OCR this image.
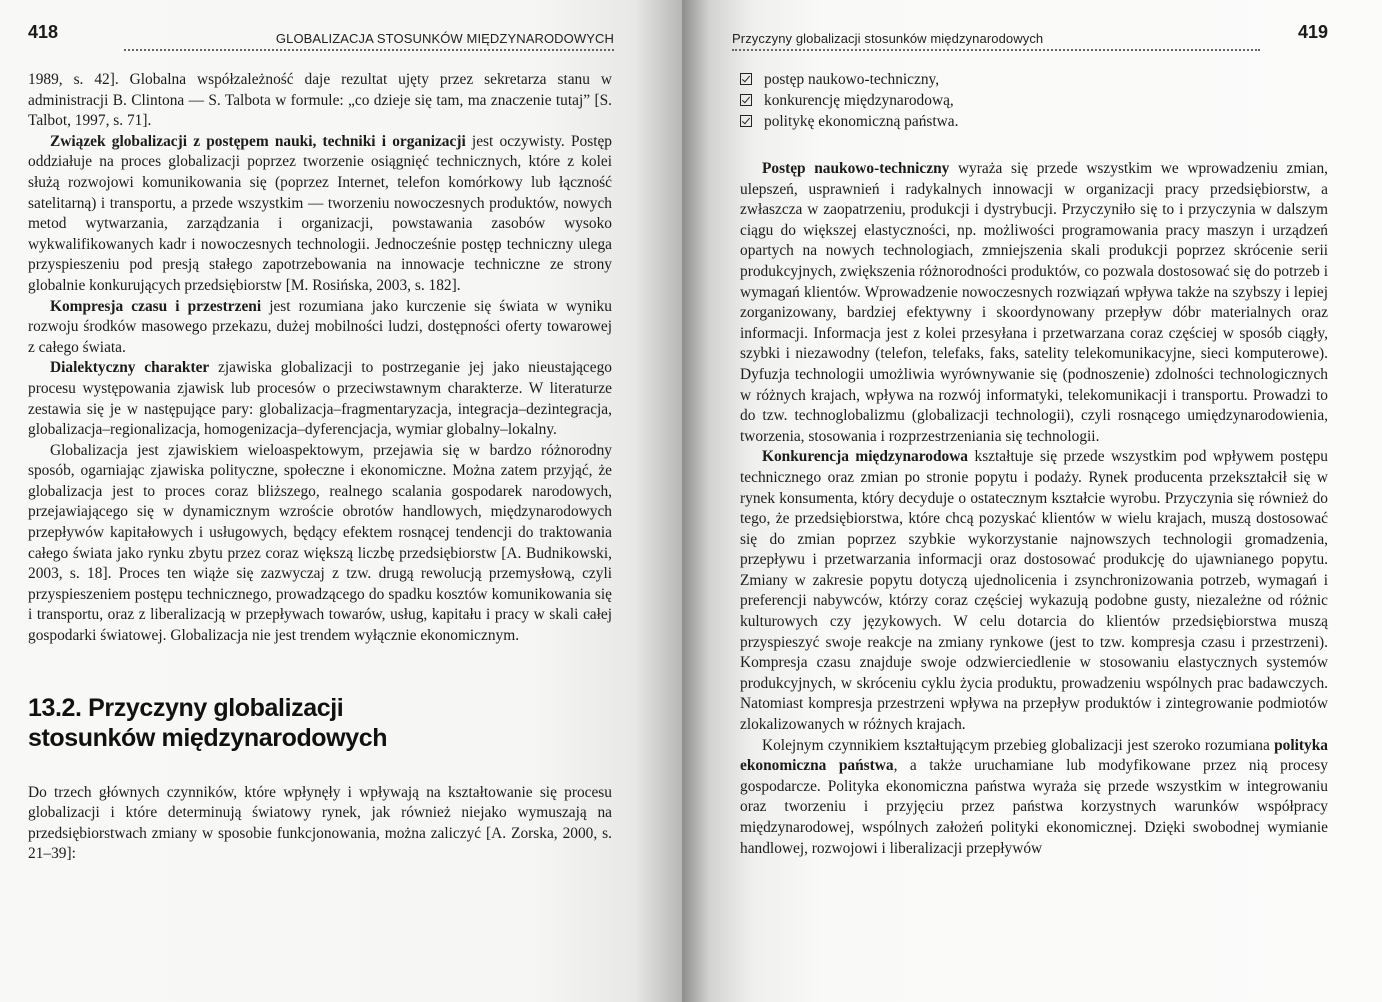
418	GLOBALIZACJA STOSUNKÓW MIĘDZYNARODOWYCH

1989, s. 42]. Globalna współzależność daje rezultat ujęty przez sekretarza stanu w administracji B. Clintona — S. Talbota w formule: „co dzieje się tam, ma znaczenie tutaj” [S. Talbot, 1997, s. 71].

Związek globalizacji z postępem nauki, techniki i organizacji jest oczywisty. Postęp oddziałuje na proces globalizacji poprzez tworzenie osiągnięć technicznych, które z kolei służą rozwojowi komunikowania się (poprzez Internet, telefon komórkowy lub łączność satelitarną) i transportu, a przede wszystkim — tworzeniu nowoczesnych produktów, nowych metod wytwarzania, zarządzania i organizacji, powstawania zasobów wysoko wykwalifikowanych kadr i nowoczesnych technologii. Jednocześnie postęp techniczny ulega przyspieszeniu pod presją stałego zapotrzebowania na innowacje techniczne ze strony globalnie konkurujących przedsiębiorstw [M. Rosińska, 2003, s. 182].

Kompresja czasu i przestrzeni jest rozumiana jako kurczenie się świata w wyniku rozwoju środków masowego przekazu, dużej mobilności ludzi, dostępności oferty towarowej z całego świata.

Dialektyczny charakter zjawiska globalizacji to postrzeganie jej jako nieustającego procesu występowania zjawisk lub procesów o przeciwstawnym charakterze. W literaturze zestawia się je w następujące pary: globalizacja–fragmentaryzacja, integracja–dezintegracja, globalizacja–regionalizacja, homogenizacja–dyferencjacja, wymiar globalny–lokalny.

Globalizacja jest zjawiskiem wieloaspektowym, przejawia się w bardzo różnorodny sposób, ogarniając zjawiska polityczne, społeczne i ekonomiczne. Można zatem przyjąć, że globalizacja jest to proces coraz bliższego, realnego scalania gospodarek narodowych, przejawiającego się w dynamicznym wzroście obrotów handlowych, międzynarodowych przepływów kapitałowych i usługowych, będący efektem rosnącej tendencji do traktowania całego świata jako rynku zbytu przez coraz większą liczbę przedsiębiorstw [A. Budnikowski, 2003, s. 18]. Proces ten wiąże się zazwyczaj z tzw. drugą rewolucją przemysłową, czyli przyspieszeniem postępu technicznego, prowadzącego do spadku kosztów komunikowania się i transportu, oraz z liberalizacją w przepływach towarów, usług, kapitału i pracy w skali całej gospodarki światowej. Globalizacja nie jest trendem wyłącznie ekonomicznym.

13.2. Przyczyny globalizacji
stosunków międzynarodowych

Do trzech głównych czynników, które wpłynęły i wpływają na kształtowanie się procesu globalizacji i które determinują światowy rynek, jak również niejako wymuszają na przedsiębiorstwach zmiany w sposobie funkcjonowania, można zaliczyć [A. Zorska, 2000, s. 21–39]:

Przyczyny globalizacji stosunków międzynarodowych	419
postęp naukowo-techniczny,
konkurencję międzynarodową,
politykę ekonomiczną państwa.

Postęp naukowo-techniczny wyraża się przede wszystkim we wprowadzeniu zmian, ulepszeń, usprawnień i radykalnych innowacji w organizacji pracy przedsiębiorstw, a zwłaszcza w zaopatrzeniu, produkcji i dystrybucji. Przyczyniło się to i przyczynia w dalszym ciągu do większej elastyczności, np. możliwości programowania pracy maszyn i urządzeń opartych na nowych technologiach, zmniejszenia skali produkcji poprzez skrócenie serii produkcyjnych, zwiększenia różnorodności produktów, co pozwala dostosować się do potrzeb i wymagań klientów. Wprowadzenie nowoczesnych rozwiązań wpływa także na szybszy i lepiej zorganizowany, bardziej efektywny i skoordynowany przepływ dóbr materialnych oraz informacji. Informacja jest z kolei przesyłana i przetwarzana coraz częściej w sposób ciągły, szybki i niezawodny (telefon, telefaks, faks, satelity telekomunikacyjne, sieci komputerowe). Dyfuzja technologii umożliwia wyrównywanie się (podnoszenie) zdolności technologicznych w różnych krajach, wpływa na rozwój informatyki, telekomunikacji i transportu. Prowadzi to do tzw. technoglobalizmu (globalizacji technologii), czyli rosnącego umiędzynarodowienia, tworzenia, stosowania i rozprzestrzeniania się technologii.

Konkurencja międzynarodowa kształtuje się przede wszystkim pod wpływem postępu technicznego oraz zmian po stronie popytu i podaży. Rynek producenta przekształcił się w rynek konsumenta, który decyduje o ostatecznym kształcie wyrobu. Przyczynia się również do tego, że przedsiębiorstwa, które chcą pozyskać klientów w wielu krajach, muszą dostosować się do zmian poprzez szybkie wykorzystanie najnowszych technologii gromadzenia, przepływu i przetwarzania informacji oraz dostosować produkcję do ujawnianego popytu. Zmiany w zakresie popytu dotyczą ujednolicenia i zsynchronizowania potrzeb, wymagań i preferencji nabywców, którzy coraz częściej wykazują podobne gusty, niezależne od różnic kulturowych czy językowych. W celu dotarcia do klientów przedsiębiorstwa muszą przyspieszyć swoje reakcje na zmiany rynkowe (jest to tzw. kompresja czasu i przestrzeni). Kompresja czasu znajduje swoje odzwierciedlenie w stosowaniu elastycznych systemów produkcyjnych, w skróceniu cyklu życia produktu, prowadzeniu wspólnych prac badawczych. Natomiast kompresja przestrzeni wpływa na przepływ produktów i zintegrowanie podmiotów zlokalizowanych w różnych krajach.

Kolejnym czynnikiem kształtującym przebieg globalizacji jest szeroko rozumiana polityka ekonomiczna państwa, a także uruchamiane lub modyfikowane przez nią procesy gospodarcze. Polityka ekonomiczna państwa wyraża się przede wszystkim w integrowaniu oraz tworzeniu i przyjęciu przez państwa korzystnych warunków współpracy międzynarodowej, wspólnych założeń polityki ekonomicznej. Dzięki swobodnej wymianie handlowej, rozwojowi i liberalizacji przepływów
